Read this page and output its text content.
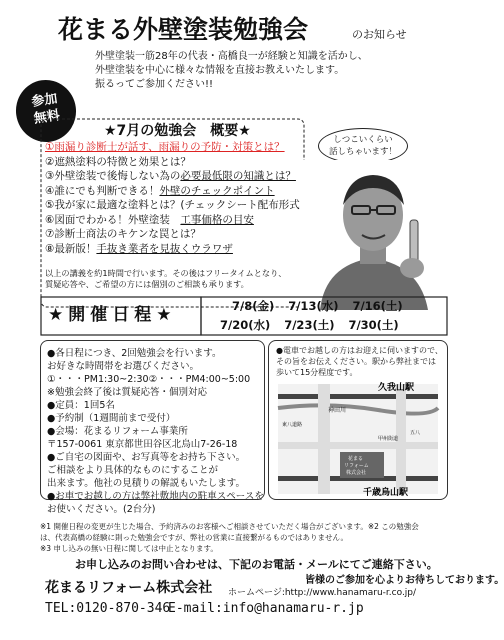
花まる外壁塗装勉強会	のお知らせ
外壁塗装一筋28年の代表・高橋良一が経験と知識を活かし、
外壁塗装を中心に様々な情報を直接お教えいたします。
振るってご参加ください!!
参加
無料
★7月の勉強会　概要★
①雨漏り診断士が話す、雨漏りの予防・対策とは？
②遮熱塗料の特徴と効果とは？
③外壁塗装で後悔しない為の必要最低限の知識とは？
④誰にでも判断できる！外壁のチェックポイント
⑤我が家に最適な塗料とは？(チェックシート配布形式)
⑥図面でわかる！外壁塗装　工事価格の目安
⑦診断士商法のキケンな罠とは？
⑧最新版！手抜き業者を見抜くウラワザ
以上の講義を約1時間で行います。その後はフリータイムとなり、
質疑応答や、ご希望の方には個別のご相談も承ります。
しつこいくらい
話しちゃいます！
★開催日程★	7/8(金) 7/13(水) 7/16(土)
7/20(水) 7/23(土) 7/30(土)
●各日程につき、2回勉強会を行います。
お好きな時間帯をお選びください。
①・・・PM1:30~2:30②・・・PM4:00~5:00
※勉強会終了後は質疑応答・個別対応
●定員：1回5名
●予約制（1週間前まで受付）
●会場：花まるリフォーム事業所
〒157-0061 東京都世田谷区北烏山7-26-18
●ご自宅の図面や、お写真等をお持ち下さい。
ご相談をより具体的なものにすることが
出来ます。他社の見積りの解説もいたします。
●お車でお越しの方は弊社敷地内の駐車スペースを
お使いください。(2台分)
●電車でお越しの方はお迎えに伺いますので、
その旨をお伝えください。駅から弊社までは
歩いて15分程度です。
久我山駅
千歳烏山駅
神田川
東八道路
五八
甲州街道
花まる
リフォーム
株式会社
※1 開催日程の変更が生じた場合、予約済みのお客様へご相談させていただく場合がございます。※2 この勉強会
は、代表高橋の経験に則った勉強会ですが、弊社の営業に直接繋がるものではありません。
※3 申し込みの無い日程に関しては中止となります。
お申し込みのお問い合わせは、下記のお電話・メールにてご連絡下さい。
花まるリフォーム株式会社	皆様のご参加を心よりお待ちしております。
ホームページ:http://www.hanamaru-r.co.jp/
TEL:0120-870-346
E-mail:info@hanamaru-r.jp
